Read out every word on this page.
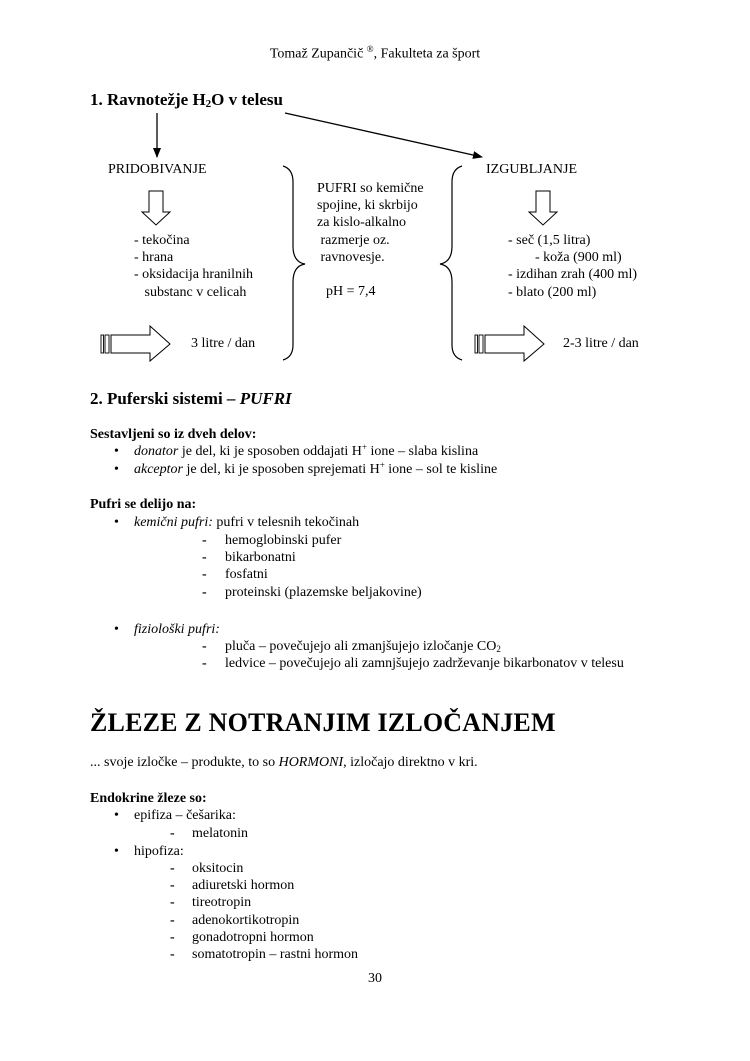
Tomaž Zupančič ®, Fakulteta za šport
1. Ravnotežje $H_2O$ v telesu
PRIDOBIVANJE
- tekočina
- hrana
- oksidacija hranilnih
substanc v celicah
3 litre / dan
PUFRI so kemične
spojine, ki skrbijo
za kislo-alkalno
razmerje oz.
ravnovesje.
pH = 7,4
IZGUBLJANJE
- seč (1,5 litra)
- koža (900 ml)
- izdihan zrah (400 ml)
- blato (200 ml)
2-3 litre / dan
2. Puferski sistemi – PUFRI
Sestavljeni so iz dveh delov:
• donator je del, ki je sposoben oddajati H+ ione – slaba kislina
• akceptor je del, ki je sposoben sprejemati H+ ione – sol te kisline
Pufri se delijo na:
• kemični pufri: pufri v telesnih tekočinah
- hemoglobinski pufer
- bikarbonatni
- fosfatni
- proteinski (plazemske beljakovine)
• fiziološki pufri:
- pluča – povečujejo ali zmanjšujejo izločanje $CO_2$
- ledvice – povečujejo ali zamnjšujejo zadrževanje bikarbonatov v telesu
ŽLEZE Z NOTRANJIM IZLOČANJEM
... svoje izločke – produkte, to so HORMONI, izločajo direktno v kri.
Endokrine žleze so:
• epifiza – češarika:
- melatonin
• hipofiza:
- oksitocin
- adiuretski hormon
- tireotropin
- adenokortikotropin
- gonadotropni hormon
- somatotropin – rastni hormon
30
